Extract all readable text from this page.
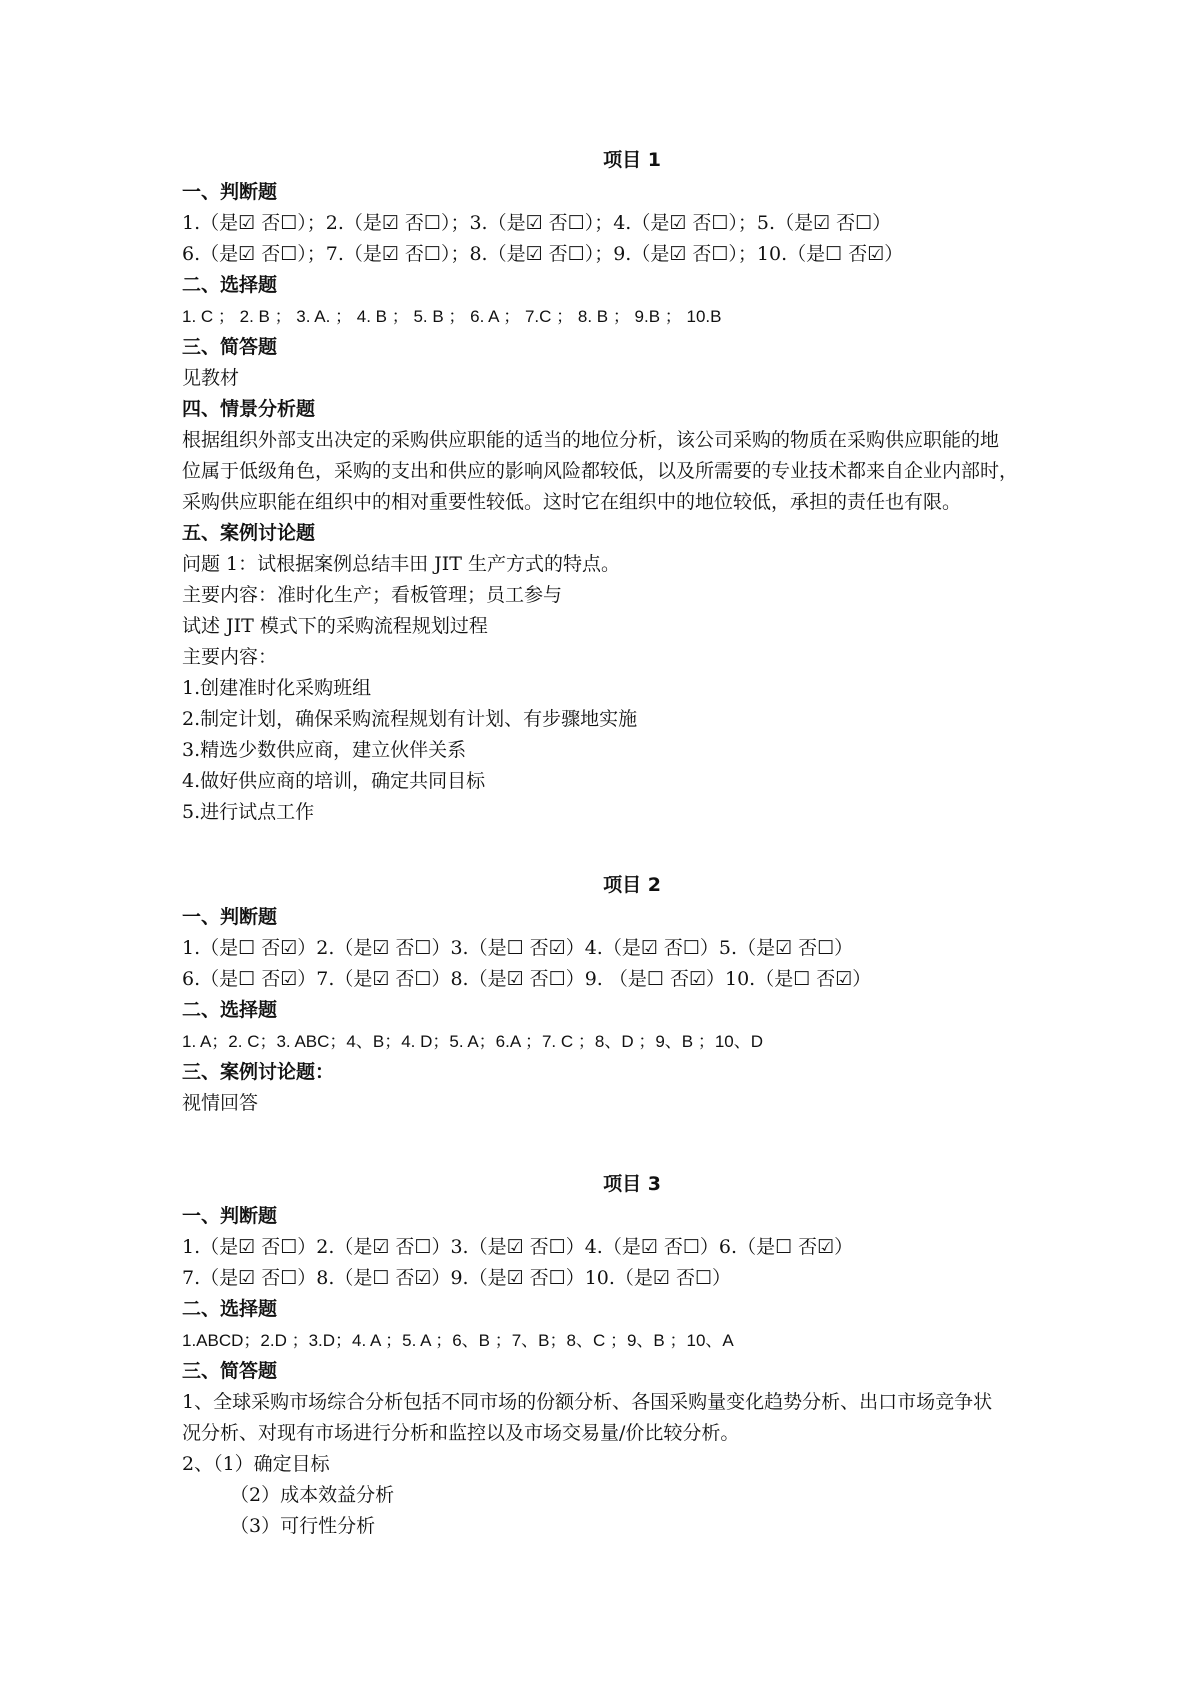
项目 1
一、判断题
1.（是☑ 否☐）；2.（是☑ 否☐）；3.（是☑ 否☐）；4.（是☑ 否☐）；5.（是☑ 否☐）
6.（是☑ 否☐）；7.（是☑ 否☐）；8.（是☑ 否☐）；9.（是☑ 否☐）；10.（是☐ 否☑）
二、选择题
1. C ； 2. B ； 3. A. ； 4. B ； 5. B ； 6. A ； 7.C ； 8. B ； 9.B ； 10.B
三、简答题
见教材
四、情景分析题
根据组织外部支出决定的采购供应职能的适当的地位分析，该公司采购的物质在采购供应职能的地
位属于低级角色，采购的支出和供应的影响风险都较低，以及所需要的专业技术都来自企业内部时，
采购供应职能在组织中的相对重要性较低。这时它在组织中的地位较低，承担的责任也有限。
五、案例讨论题
问题 1：试根据案例总结丰田 JIT 生产方式的特点。
主要内容：准时化生产；看板管理；员工参与
试述 JIT 模式下的采购流程规划过程
主要内容：
1.创建准时化采购班组
2.制定计划，确保采购流程规划有计划、有步骤地实施
3.精选少数供应商，建立伙伴关系
4.做好供应商的培训，确定共同目标
5.进行试点工作
项目 2
一、判断题
1.（是☐ 否☑）2.（是☑ 否☐）3.（是☐ 否☑）4.（是☑ 否☐）5.（是☑ 否☐）
6.（是☐ 否☑）7.（是☑ 否☐）8.（是☑ 否☐）9. （是☐ 否☑）10.（是☐ 否☑）
二、选择题
1. A；2. C；3. ABC；4、B；4. D；5. A；6.A ；7. C ；8、D ；9、B ；10、D
三、案例讨论题：
视情回答
项目 3
一、判断题
1.（是☑ 否☐）2.（是☑ 否☐）3.（是☑ 否☐）4.（是☑ 否☐）6.（是☐ 否☑）
7.（是☑ 否☐）8.（是☐ 否☑）9.（是☑ 否☐）10.（是☑ 否☐）
二、选择题
1.ABCD；2.D ；3.D；4. A ；5. A ；6、B ；7、B；8、C ；9、B ；10、A
三、简答题
1、全球采购市场综合分析包括不同市场的份额分析、各国采购量变化趋势分析、出口市场竞争状
况分析、对现有市场进行分析和监控以及市场交易量/价比较分析。
2、（1）确定目标
（2）成本效益分析
（3）可行性分析
